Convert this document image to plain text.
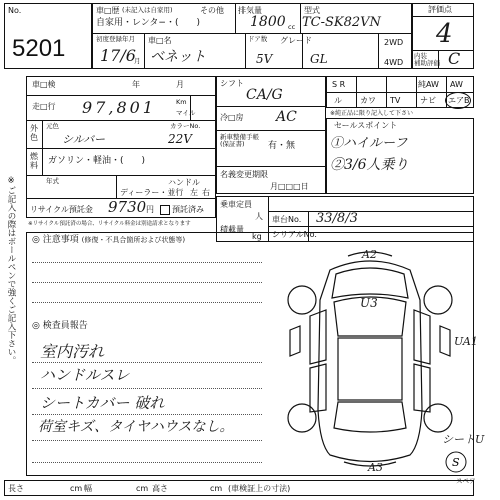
No.
5201
車□歴 (未記入は自家用)	その他
自家用・レンタ−・(　　)
排気量
1800 cc
型式
TC-SK82VN
初度登録年月
17/6
月
車□名
ベネット
ドア数
5V
グレード
GL
2WD
4WD
評価点
4
内装
補助評価 C
車□検	年	月
走□行 97,801	Km
マイル
外
色
元色
シルバー
カラーNo.
22V
燃
料 ガソリン・軽油・(　　)
年式	ハンドル
ディーラー・並行 左 右
リサイクル預託金 9730 円 預託済み
※リサイクル預託済の場合、リサイクル料金は別途請求となります
シフト
CA/G
冷□房 AC
新車整備手帳
(保証書)	有・無
名義変更期限
月□□□日
S R	純AW AW
ル カワ TV ナビ エアB
※純正品に限り記入して下さい
セールスポイント
①ハイルーフ
②3/6人乗り
乗車定員
人
積載量
kg
車台No. 33/8/3
シリアルNo.
◎ 注意事項 (修復・不具合箇所および状態等)
◎ 検査員報告
室内汚れ
ハンドルスレ
シートカバー 破れ
荷室キズ、タイヤハウスなし。
S
A2
U3
UA1
A3
シートU
スペア
長さ	cm 幅	cm 高さ	cm (車検証上の寸法)
※ご記入の際はボールペンで強くご記入下さい。
